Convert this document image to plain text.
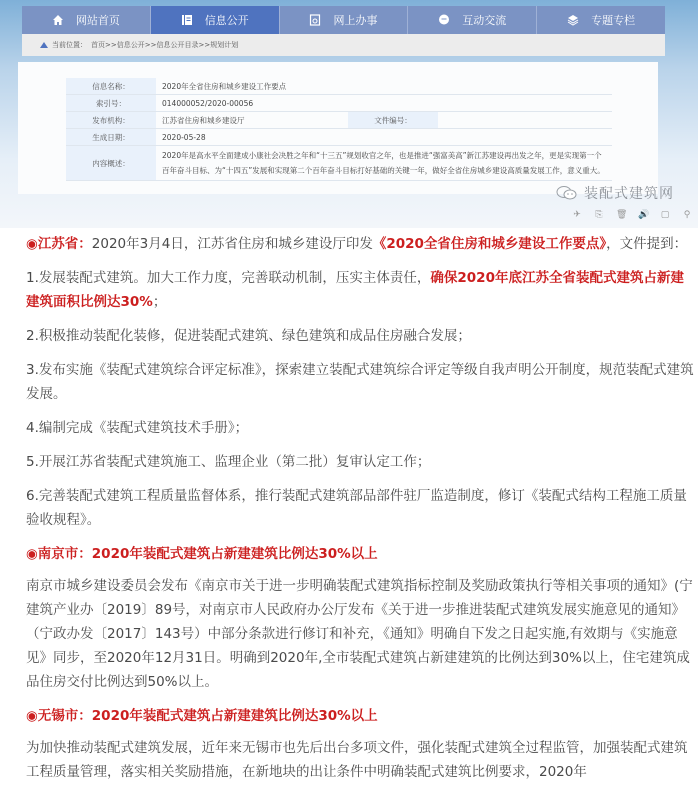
网站首页	信息公开	网上办事	互动交流	专题专栏
当前位置： 首页>>信息公开>>信息公开目录>>规划计划
信息名称：	2020年全省住房和城乡建设工作要点		
索引号：	014000052/2020-00056		
发布机构：	江苏省住房和城乡建设厅	文件编号：	
生成日期：	2020-05-28		
内容概述：	2020年是高水平全面建成小康社会决胜之年和“十三五”规划收官之年，也是推进“强富美高”新江苏建设再出发之年，更是实现第一个百年奋斗目标、为“十四五”发展和实现第二个百年奋斗目标打好基础的关键一年，做好全省住房城乡建设高质量发展工作，意义重大。		
装配式建筑网
✈ ⎘ 🗑 🔊 ▢ ⚲

◉江苏省：2020年3月4日，江苏省住房和城乡建设厅印发《2020全省住房和城乡建设工作要点》，文件提到：

1.发展装配式建筑。加大工作力度，完善联动机制，压实主体责任，确保2020年底江苏全省装配式建筑占新建建筑面积比例达30%；

2.积极推动装配化装修，促进装配式建筑、绿色建筑和成品住房融合发展；

3.发布实施《装配式建筑综合评定标准》，探索建立装配式建筑综合评定等级自我声明公开制度，规范装配式建筑发展。

4.编制完成《装配式建筑技术手册》；

5.开展江苏省装配式建筑施工、监理企业（第二批）复审认定工作；

6.完善装配式建筑工程质量监督体系，推行装配式建筑部品部件驻厂监造制度，修订《装配式结构工程施工质量验收规程》。

◉南京市：2020年装配式建筑占新建建筑比例达30%以上

南京市城乡建设委员会发布《南京市关于进一步明确装配式建筑指标控制及奖励政策执行等相关事项的通知》(宁建筑产业办〔2019〕89号，对南京市人民政府办公厅发布《关于进一步推进装配式建筑发展实施意见的通知》（宁政办发〔2017〕143号）中部分条款进行修订和补充，《通知》明确自下发之日起实施,有效期与《实施意见》同步，至2020年12月31日。明确到2020年,全市装配式建筑占新建建筑的比例达到30%以上，住宅建筑成品住房交付比例达到50%以上。

◉无锡市：2020年装配式建筑占新建建筑比例达30%以上

为加快推动装配式建筑发展，近年来无锡市也先后出台多项文件，强化装配式建筑全过程监管，加强装配式建筑工程质量管理，落实相关奖励措施，在新地块的出让条件中明确装配式建筑比例要求，2020年
